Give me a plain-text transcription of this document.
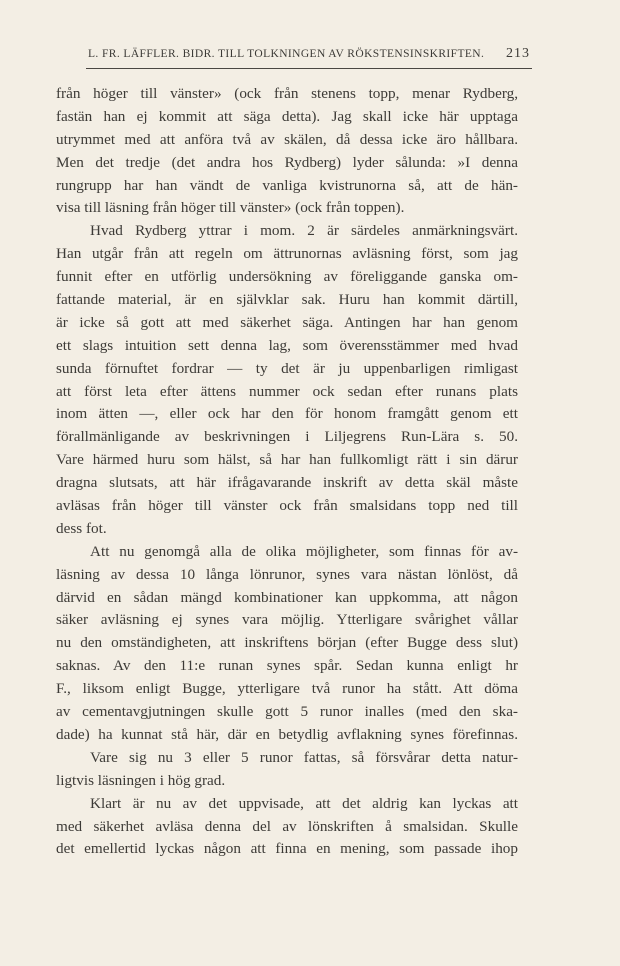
L. FR. LÄFFLER. BIDR. TILL TOLKNINGEN AV RÖKSTENSINSKRIFTEN. 213
från höger till vänster» (ock från stenens topp, menar Rydberg,
fastän han ej kommit att säga detta). Jag skall icke här upptaga
utrymmet med att anföra två av skälen, då dessa icke äro hållbara.
Men det tredje (det andra hos Rydberg) lyder sålunda: »I denna
rungrupp har han vändt de vanliga kvistrunorna så, att de hän-
visa till läsning från höger till vänster» (ock från toppen).
Hvad Rydberg yttrar i mom. 2 är särdeles anmärkningsvärt.
Han utgår från att regeln om ättrunornas avläsning först, som jag
funnit efter en utförlig undersökning av föreliggande ganska om-
fattande material, är en självklar sak. Huru han kommit därtill,
är icke så gott att med säkerhet säga. Antingen har han genom
ett slags intuition sett denna lag, som överensstämmer med hvad
sunda förnuftet fordrar — ty det är ju uppenbarligen rimligast
att först leta efter ättens nummer ock sedan efter runans plats
inom ätten —, eller ock har den för honom framgått genom ett
förallmänligande av beskrivningen i Liljegrens Run-Lära s. 50.
Vare härmed huru som hälst, så har han fullkomligt rätt i sin därur
dragna slutsats, att här ifrågavarande inskrift av detta skäl måste
avläsas från höger till vänster ock från smalsidans topp ned till
dess fot.
Att nu genomgå alla de olika möjligheter, som finnas för av-
läsning av dessa 10 långa lönrunor, synes vara nästan lönlöst, då
därvid en sådan mängd kombinationer kan uppkomma, att någon
säker avläsning ej synes vara möjlig. Ytterligare svårighet vållar
nu den omständigheten, att inskriftens början (efter Bugge dess slut)
saknas. Av den 11:e runan synes spår. Sedan kunna enligt hr
F., liksom enligt Bugge, ytterligare två runor ha stått. Att döma
av cementavgjutningen skulle gott 5 runor inalles (med den ska-
dade) ha kunnat stå här, där en betydlig avflakning synes förefinnas.
Vare sig nu 3 eller 5 runor fattas, så försvårar detta natur-
ligtvis läsningen i hög grad.
Klart är nu av det uppvisade, att det aldrig kan lyckas att
med säkerhet avläsa denna del av lönskriften å smalsidan. Skulle
det emellertid lyckas någon att finna en mening, som passade ihop
